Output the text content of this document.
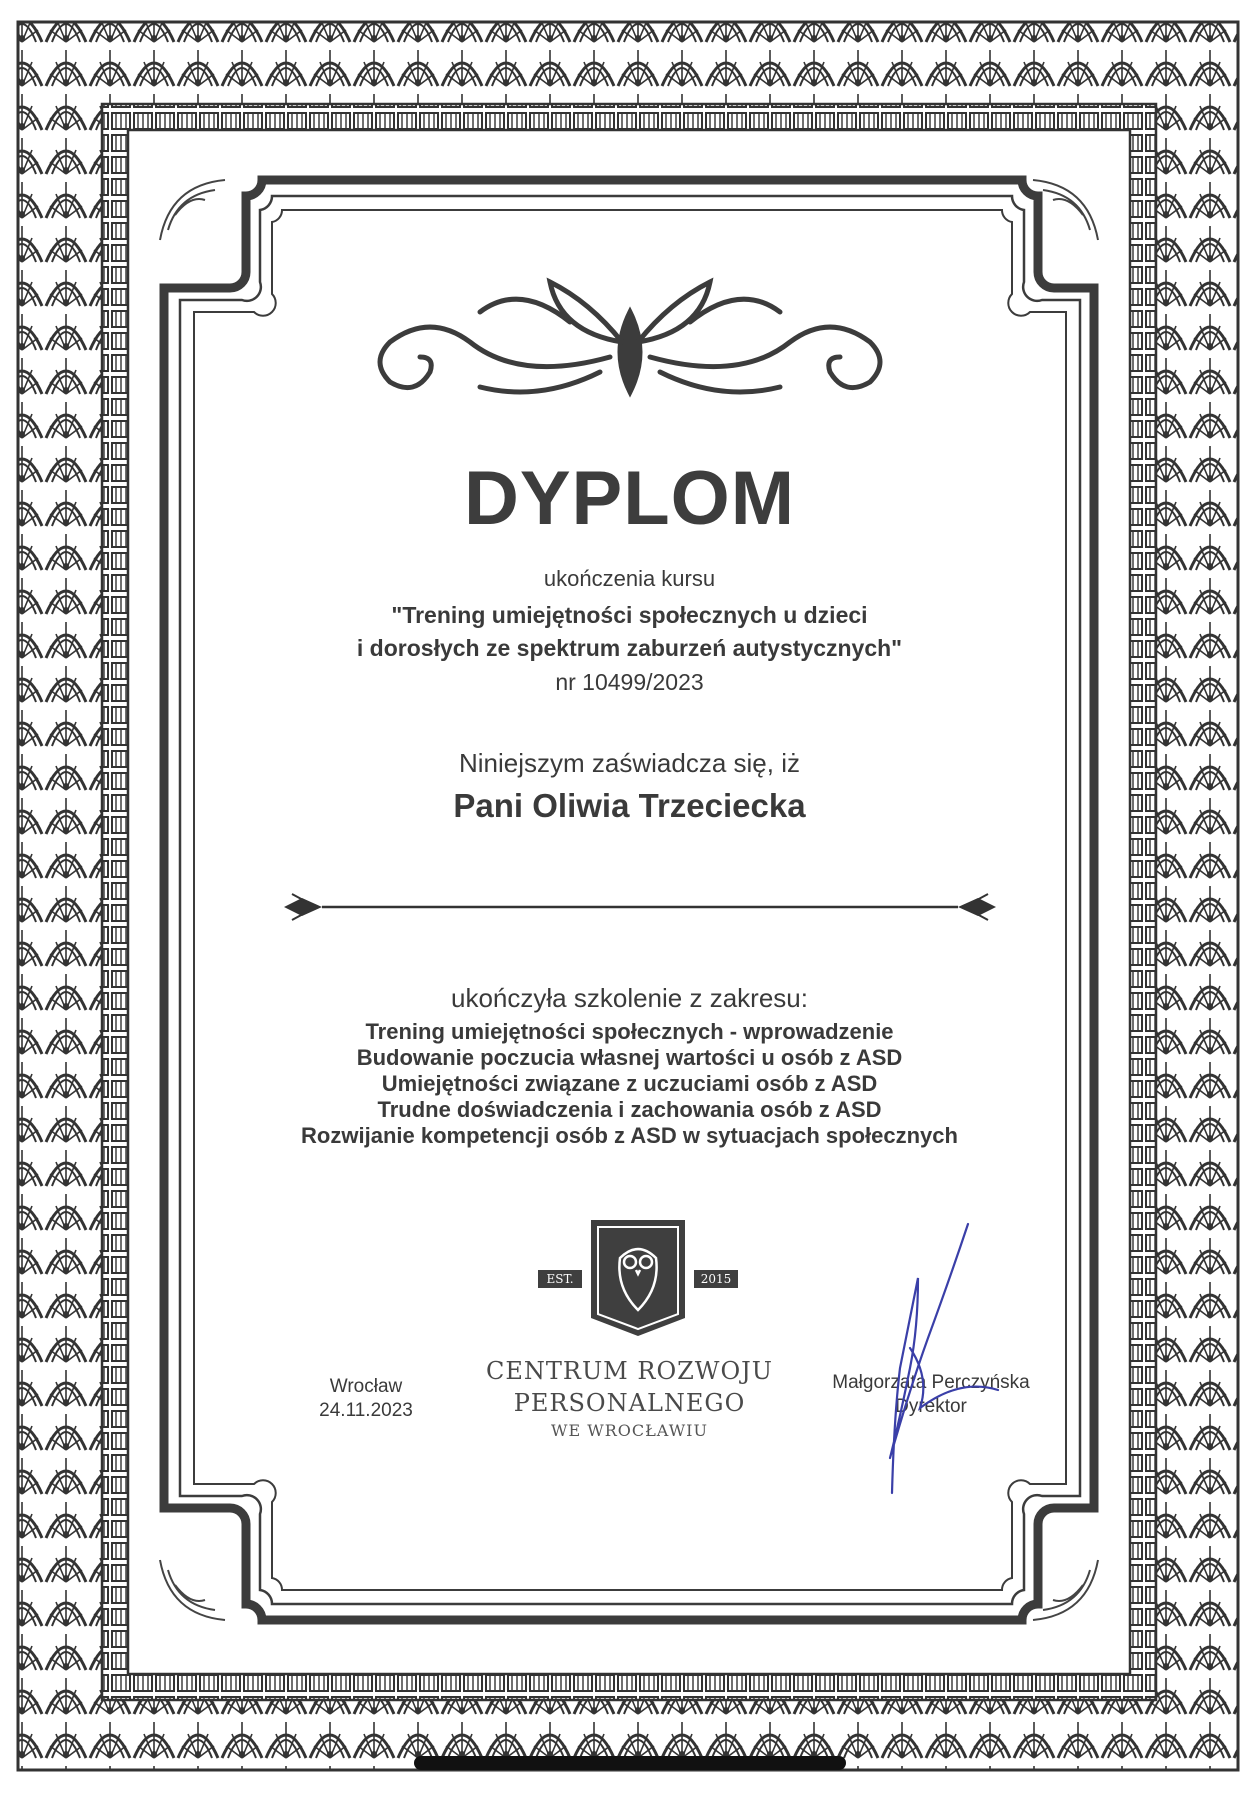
DYPLOM
ukończenia kursu
"Trening umiejętności społecznych u dzieci
i dorosłych ze spektrum zaburzeń autystycznych"
nr 10499/2023
Niniejszym zaświadcza się, iż
Pani Oliwia Trzeciecka
ukończyła szkolenie z zakresu:
Trening umiejętności społecznych - wprowadzenie
Budowanie poczucia własnej wartości u osób z ASD
Umiejętności związane z uczuciami osób z ASD
Trudne doświadczenia i zachowania osób z ASD
Rozwijanie kompetencji osób z ASD w sytuacjach społecznych
Wrocław
24.11.2023
EST.	2015
CENTRUM ROZWOJU
PERSONALNEGO
WE WROCŁAWIU
Małgorzata Perczyńska
Dyrektor
